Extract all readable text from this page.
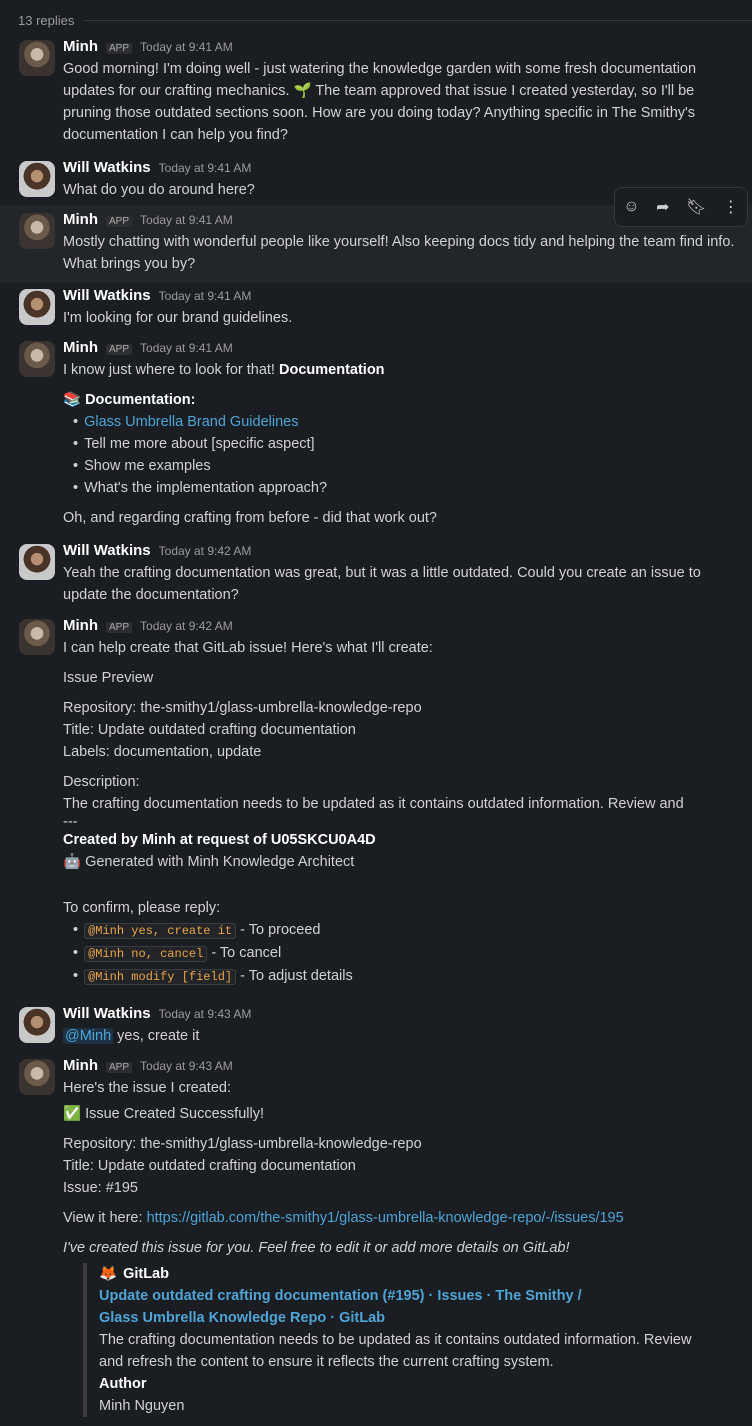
13 replies
Minh	APP Today at 9:41 AM
Good morning! I'm doing well - just watering the knowledge garden with some fresh documentation updates for our crafting mechanics. 🌱 The team approved that issue I created yesterday, so I'll be pruning those outdated sections soon. How are you doing today? Anything specific in The Smithy's documentation I can help you find?
Will Watkins Today at 9:41 AM
What do you do around here?
Minh	APP Today at 9:41 AM
Mostly chatting with wonderful people like yourself! Also keeping docs tidy and helping the team find info. What brings you by?
☺ ➦ 🔖︎ ⋮
Will Watkins Today at 9:41 AM
I'm looking for our brand guidelines.
Minh	APP Today at 9:41 AM
I know just where to look for that! Documentation
📚 Documentation:
• Glass Umbrella Brand Guidelines
• Tell me more about [specific aspect]
• Show me examples
• What's the implementation approach?
Oh, and regarding crafting from before - did that work out?
Will Watkins Today at 9:42 AM
Yeah the crafting documentation was great, but it was a little outdated. Could you create an issue to update the documentation?
Minh	APP Today at 9:42 AM
I can help create that GitLab issue! Here's what I'll create:
Issue Preview
Repository: the-smithy1/glass-umbrella-knowledge-repo
Title: Update outdated crafting documentation
Labels: documentation, update
Description:
The crafting documentation needs to be updated as it contains outdated information. Review and
---
Created by Minh at request of U05SKCU0A4D
🤖 Generated with Minh Knowledge Architect
To confirm, please reply:
• @Minh yes, create it - To proceed
• @Minh no, cancel - To cancel
• @Minh modify [field] - To adjust details
Will Watkins Today at 9:43 AM
@Minh yes, create it
Minh	APP Today at 9:43 AM
Here's the issue I created:
✅ Issue Created Successfully!
Repository: the-smithy1/glass-umbrella-knowledge-repo
Title: Update outdated crafting documentation
Issue: #195
View it here: https://gitlab.com/the-smithy1/glass-umbrella-knowledge-repo/-/issues/195
I've created this issue for you. Feel free to edit it or add more details on GitLab!
🦊 GitLab
Update outdated crafting documentation (#195) · Issues · The Smithy / Glass Umbrella Knowledge Repo · GitLab
The crafting documentation needs to be updated as it contains outdated information. Review and refresh the content to ensure it reflects the current crafting system.
Author
Minh Nguyen
